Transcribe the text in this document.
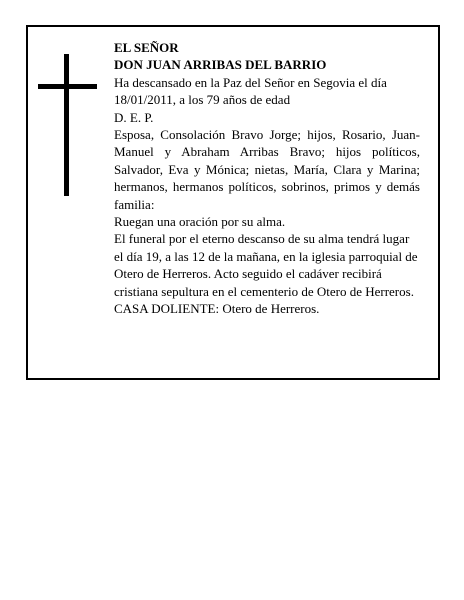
EL SEÑOR

DON JUAN ARRIBAS DEL BARRIO

Ha descansado en la Paz del Señor en Segovia el día 18/01/2011, a los 79 años de edad

D. E. P.

Esposa, Consolación Bravo Jorge; hijos, Rosario, Juan-Manuel y Abraham Arribas Bravo; hijos políticos, Salvador, Eva y Mónica; nietas, María, Clara y Marina; hermanos, hermanos políticos, sobrinos, primos y demás familia:

Ruegan una oración por su alma.

El funeral por el eterno descanso de su alma tendrá lugar el día 19, a las 12 de la mañana, en la iglesia parroquial de Otero de Herreros. Acto seguido el cadáver recibirá cristiana sepultura en el cementerio de Otero de Herreros.

CASA DOLIENTE: Otero de Herreros.
